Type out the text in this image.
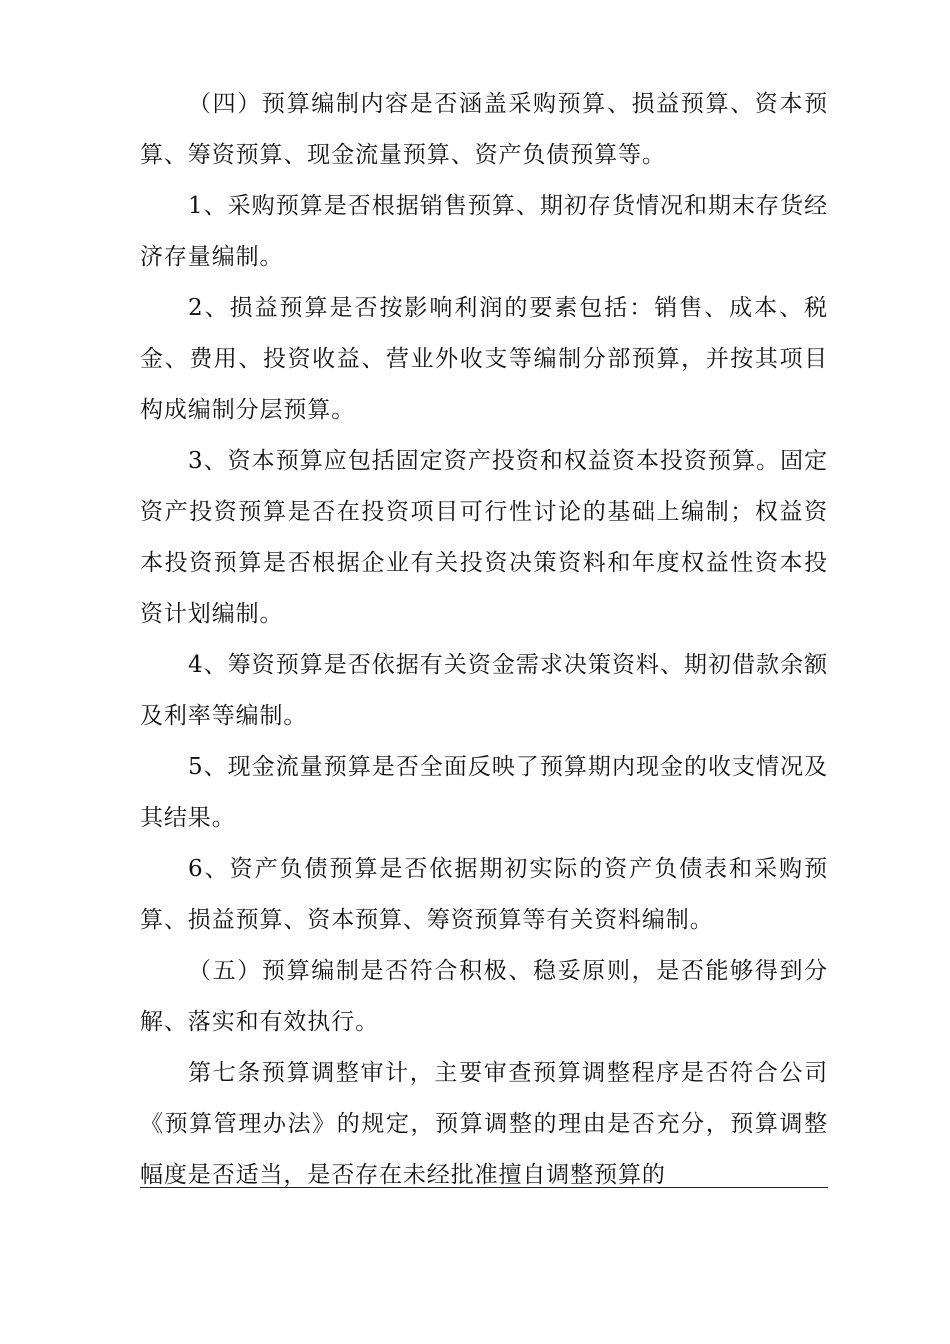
（四）预算编制内容是否涵盖采购预算、损益预算、资本预算、筹资预算、现金流量预算、资产负债预算等。

1、采购预算是否根据销售预算、期初存货情况和期末存货经济存量编制。

2、损益预算是否按影响利润的要素包括：销售、成本、税金、费用、投资收益、营业外收支等编制分部预算，并按其项目构成编制分层预算。

3、资本预算应包括固定资产投资和权益资本投资预算。固定资产投资预算是否在投资项目可行性讨论的基础上编制；权益资本投资预算是否根据企业有关投资决策资料和年度权益性资本投资计划编制。

4、筹资预算是否依据有关资金需求决策资料、期初借款余额及利率等编制。

5、现金流量预算是否全面反映了预算期内现金的收支情况及其结果。

6、资产负债预算是否依据期初实际的资产负债表和采购预算、损益预算、资本预算、筹资预算等有关资料编制。

（五）预算编制是否符合积极、稳妥原则，是否能够得到分解、落实和有效执行。

第七条预算调整审计，主要审查预算调整程序是否符合公司《预算管理办法》的规定，预算调整的理由是否充分，预算调整幅度是否适当，是否存在未经批准擅自调整预算的
